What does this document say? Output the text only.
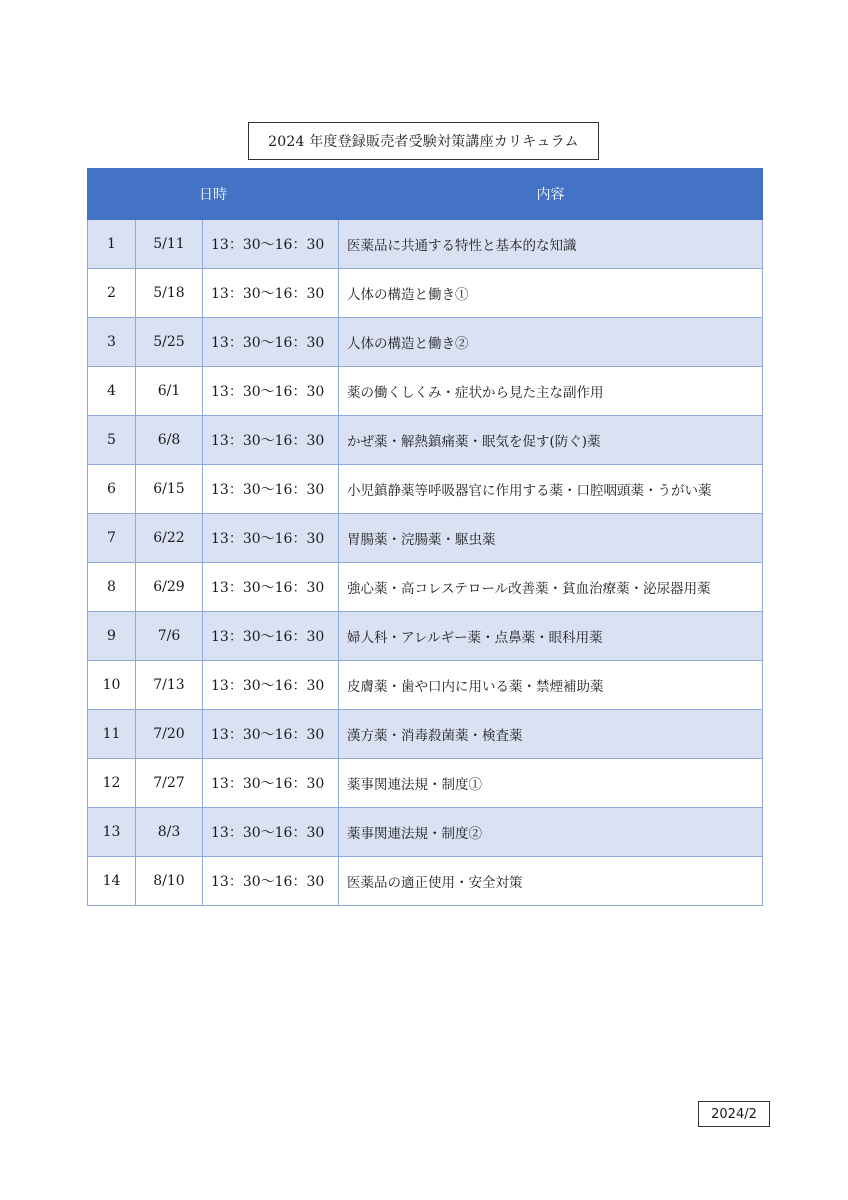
2024 年度登録販売者受験対策講座カリキュラム
日時			内容
1	5/11	13：30〜16：30	医薬品に共通する特性と基本的な知識
2	5/18	13：30〜16：30	人体の構造と働き①
3	5/25	13：30〜16：30	人体の構造と働き②
4	6/1	13：30〜16：30	薬の働くしくみ・症状から見た主な副作用
5	6/8	13：30〜16：30	かぜ薬・解熱鎮痛薬・眠気を促す(防ぐ)薬
6	6/15	13：30〜16：30	小児鎮静薬等呼吸器官に作用する薬・口腔咽頭薬・うがい薬
7	6/22	13：30〜16：30	胃腸薬・浣腸薬・駆虫薬
8	6/29	13：30〜16：30	強心薬・高コレステロール改善薬・貧血治療薬・泌尿器用薬
9	7/6	13：30〜16：30	婦人科・アレルギー薬・点鼻薬・眼科用薬
10	7/13	13：30〜16：30	皮膚薬・歯や口内に用いる薬・禁煙補助薬
11	7/20	13：30〜16：30	漢方薬・消毒殺菌薬・検査薬
12	7/27	13：30〜16：30	薬事関連法規・制度①
13	8/3	13：30〜16：30	薬事関連法規・制度②
14	8/10	13：30〜16：30	医薬品の適正使用・安全対策
2024/2
